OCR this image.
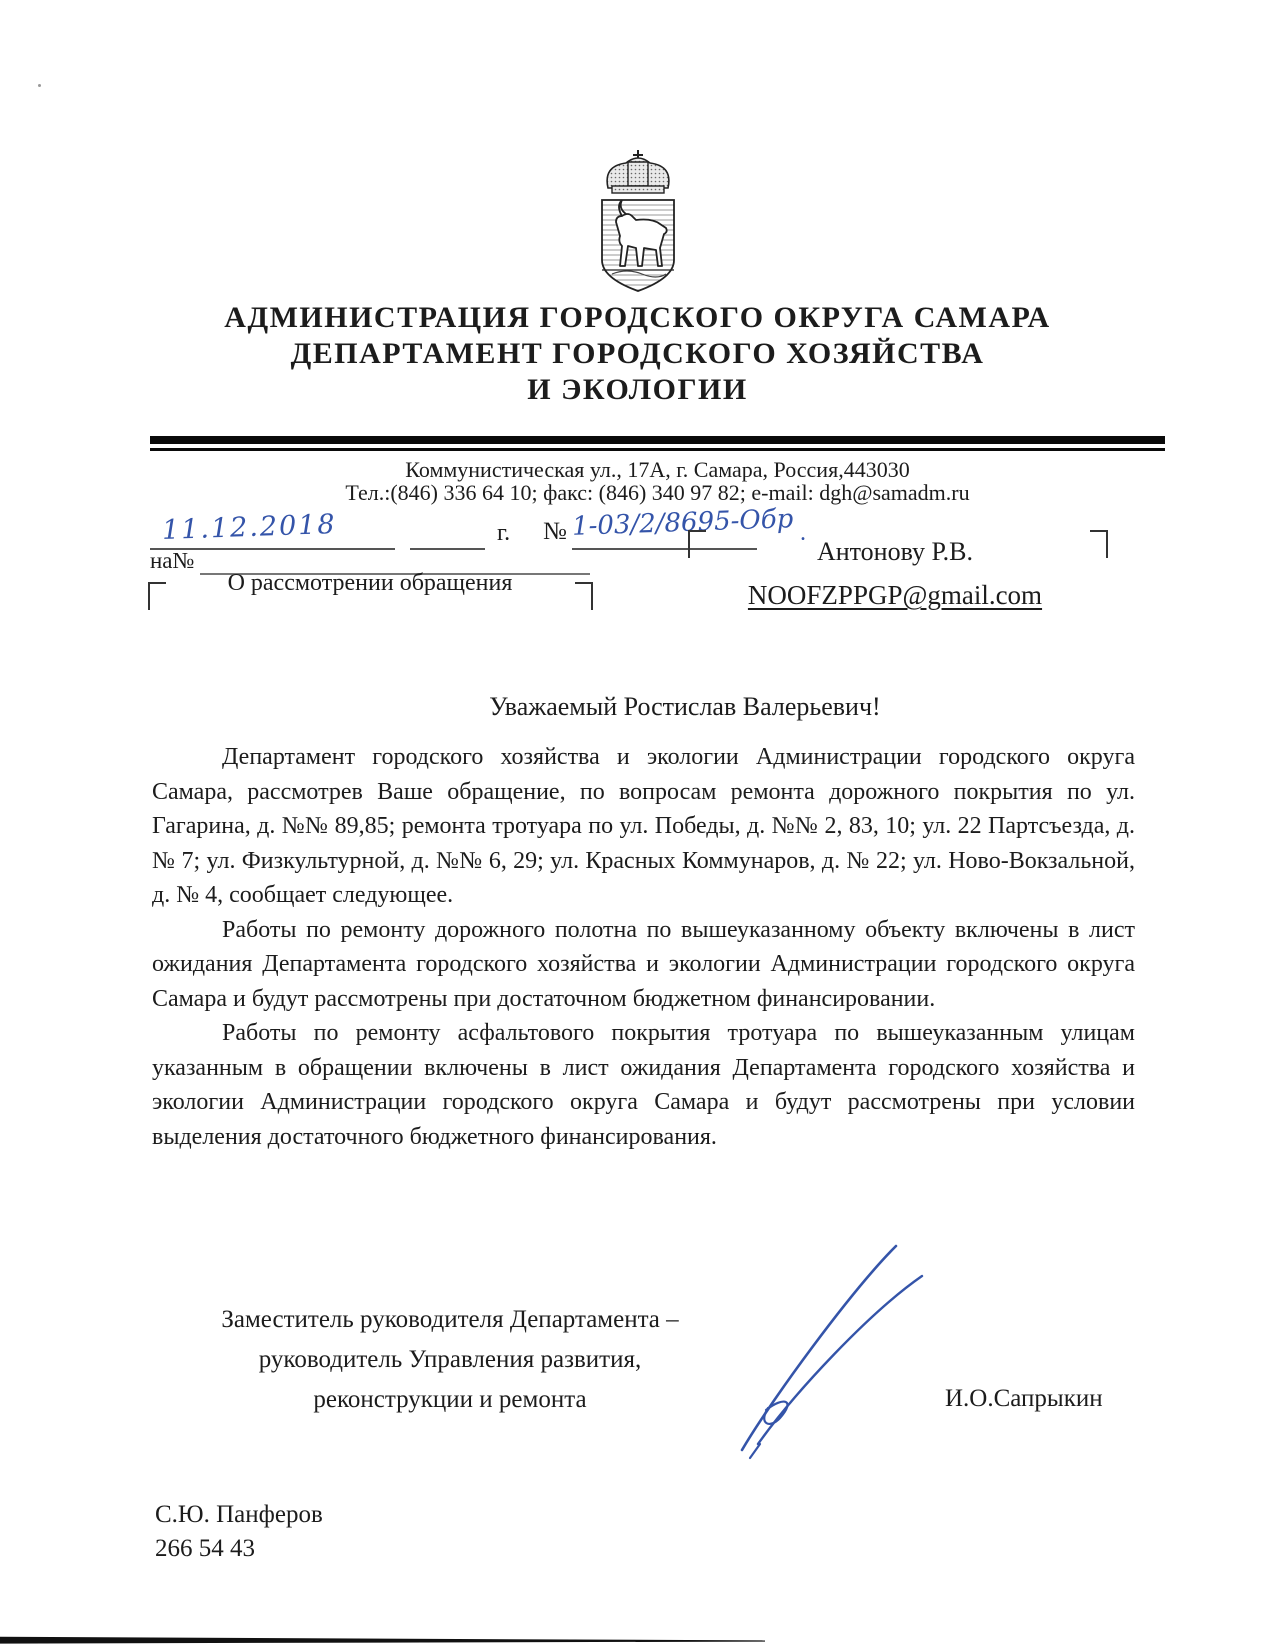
АДМИНИСТРАЦИЯ ГОРОДСКОГО ОКРУГА САМАРА
ДЕПАРТАМЕНТ ГОРОДСКОГО ХОЗЯЙСТВА
И ЭКОЛОГИИ
Коммунистическая ул., 17А, г. Самара, Россия,443030
Тел.:(846) 336 64 10; факс: (846) 340 97 82; e-mail: dgh@samadm.ru
11.12.2018	г. № 1-03/2/8695-Обр .
на№
О рассмотрении обращения
Антонову Р.В.
NOOFZPPGP@gmail.com
Уважаемый Ростислав Валерьевич!

Департамент городского хозяйства и экологии Администрации городского округа Самара, рассмотрев Ваше обращение, по вопросам ремонта дорожного покрытия по ул. Гагарина, д. №№ 89,85; ремонта тротуара по ул. Победы, д. №№ 2, 83, 10; ул. 22 Партсъезда, д. № 7; ул. Физкультурной, д. №№ 6, 29; ул. Красных Коммунаров, д. № 22; ул. Ново-Вокзальной, д. № 4, сообщает следующее.

Работы по ремонту дорожного полотна по вышеуказанному объекту включены в лист ожидания Департамента городского хозяйства и экологии Администрации городского округа Самара и будут рассмотрены при достаточном бюджетном финансировании.

Работы по ремонту асфальтового покрытия тротуара по вышеуказанным улицам указанным в обращении включены в лист ожидания Департамента городского хозяйства и экологии Администрации городского округа Самара и будут рассмотрены при условии выделения достаточного бюджетного финансирования.

Заместитель руководителя Департамента –
руководитель Управления развития,
реконструкции и ремонта	И.О.Сапрыкин
С.Ю. Панферов
266 54 43
